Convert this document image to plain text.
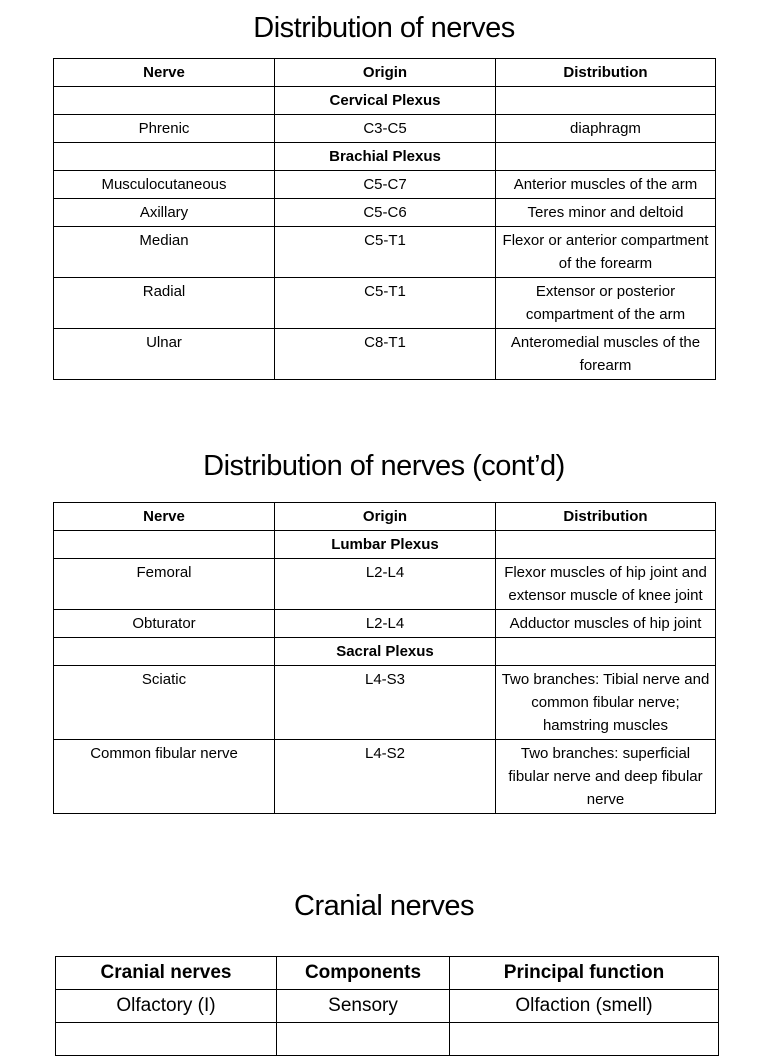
Distribution of nerves
Nerve	Origin	Distribution
	Cervical Plexus	
Phrenic	C3-C5	diaphragm
	Brachial Plexus	
Musculocutaneous	C5-C7	Anterior muscles of the arm
Axillary	C5-C6	Teres minor and deltoid
Median	C5-T1	Flexor or anterior compartment of the forearm
Radial	C5-T1	Extensor or posterior compartment of the arm
Ulnar	C8-T1	Anteromedial muscles of the forearm
Distribution of nerves (cont’d)
Nerve	Origin	Distribution
	Lumbar Plexus	
Femoral	L2-L4	Flexor muscles of hip joint and extensor muscle of knee joint
Obturator	L2-L4	Adductor muscles of hip joint
	Sacral Plexus	
Sciatic	L4-S3	Two branches: Tibial nerve and common fibular nerve; hamstring muscles
Common fibular nerve	L4-S2	Two branches: superficial fibular nerve and deep fibular nerve
Cranial nerves
Cranial nerves	Components	Principal function
Olfactory (I)	Sensory	Olfaction (smell)
